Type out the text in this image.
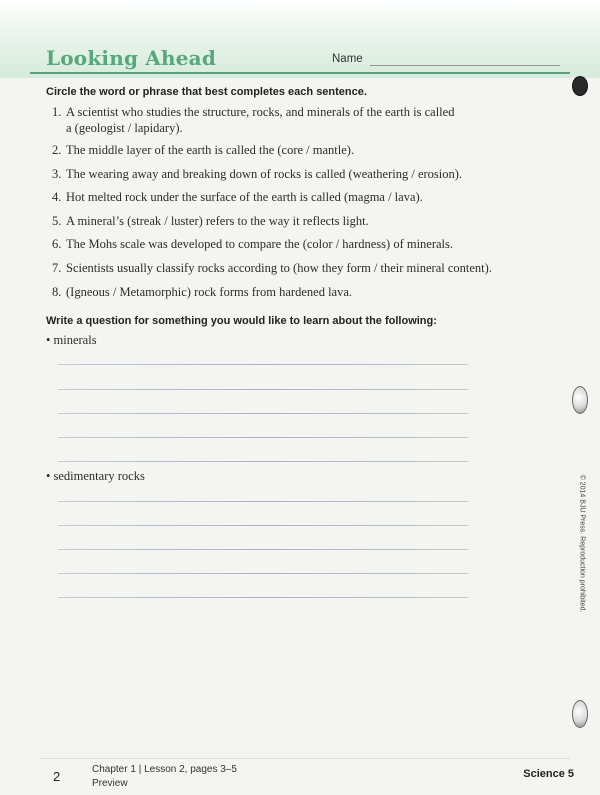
Looking Ahead	Name
Circle the word or phrase that best completes each sentence.
1. A scientist who studies the structure, rocks, and minerals of the earth is called
a (geologist / lapidary).
2. The middle layer of the earth is called the (core / mantle).
3. The wearing away and breaking down of rocks is called (weathering / erosion).
4. Hot melted rock under the surface of the earth is called (magma / lava).
5. A mineral’s (streak / luster) refers to the way it reflects light.
6. The Mohs scale was developed to compare the (color / hardness) of minerals.
7. Scientists usually classify rocks according to (how they form / their mineral content).
8. (Igneous / Metamorphic) rock forms from hardened lava.
Write a question for something you would like to learn about the following:
• minerals
• sedimentary rocks	© 2014 BJU Press. Reproduction prohibited.
2	Chapter 1 | Lesson 2, pages 3–5
Preview
Science 5
